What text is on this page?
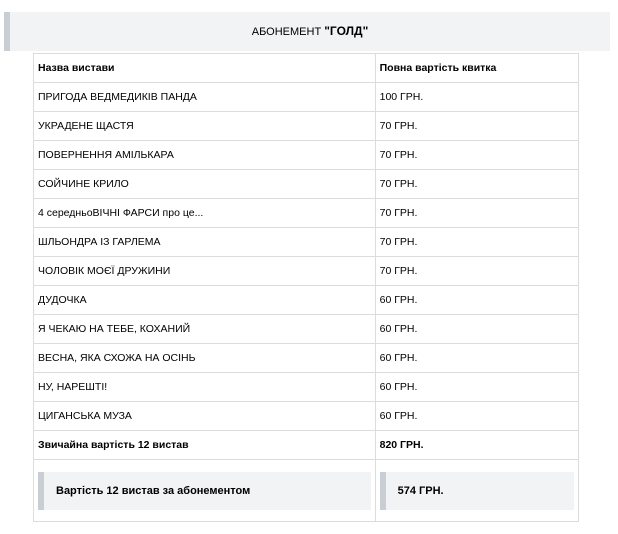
АБОНЕМЕНТ "ГОЛД"
Назва вистави	Повна вартість квитка
ПРИГОДА ВЕДМЕДИКІВ ПАНДА	100 ГРН.
УКРАДЕНЕ ЩАСТЯ	70 ГРН.
ПОВЕРНЕННЯ АМІЛЬКАРА	70 ГРН.
СОЙЧИНЕ КРИЛО	70 ГРН.
4 середньоВІЧНІ ФАРСИ про це...	70 ГРН.
ШЛЬОНДРА ІЗ ГАРЛЕМА	70 ГРН.
ЧОЛОВІК МОЄЇ ДРУЖИНИ	70 ГРН.
ДУДОЧКА	60 ГРН.
Я ЧЕКАЮ НА ТЕБЕ, КОХАНИЙ	60 ГРН.
ВЕСНА, ЯКА СХОЖА НА ОСІНЬ	60 ГРН.
НУ, НАРЕШТІ!	60 ГРН.
ЦИГАНСЬКА МУЗА	60 ГРН.
Звичайна вартість 12 вистав	820 ГРН.

Вартість 12 вистав за абонементом	574 ГРН.
